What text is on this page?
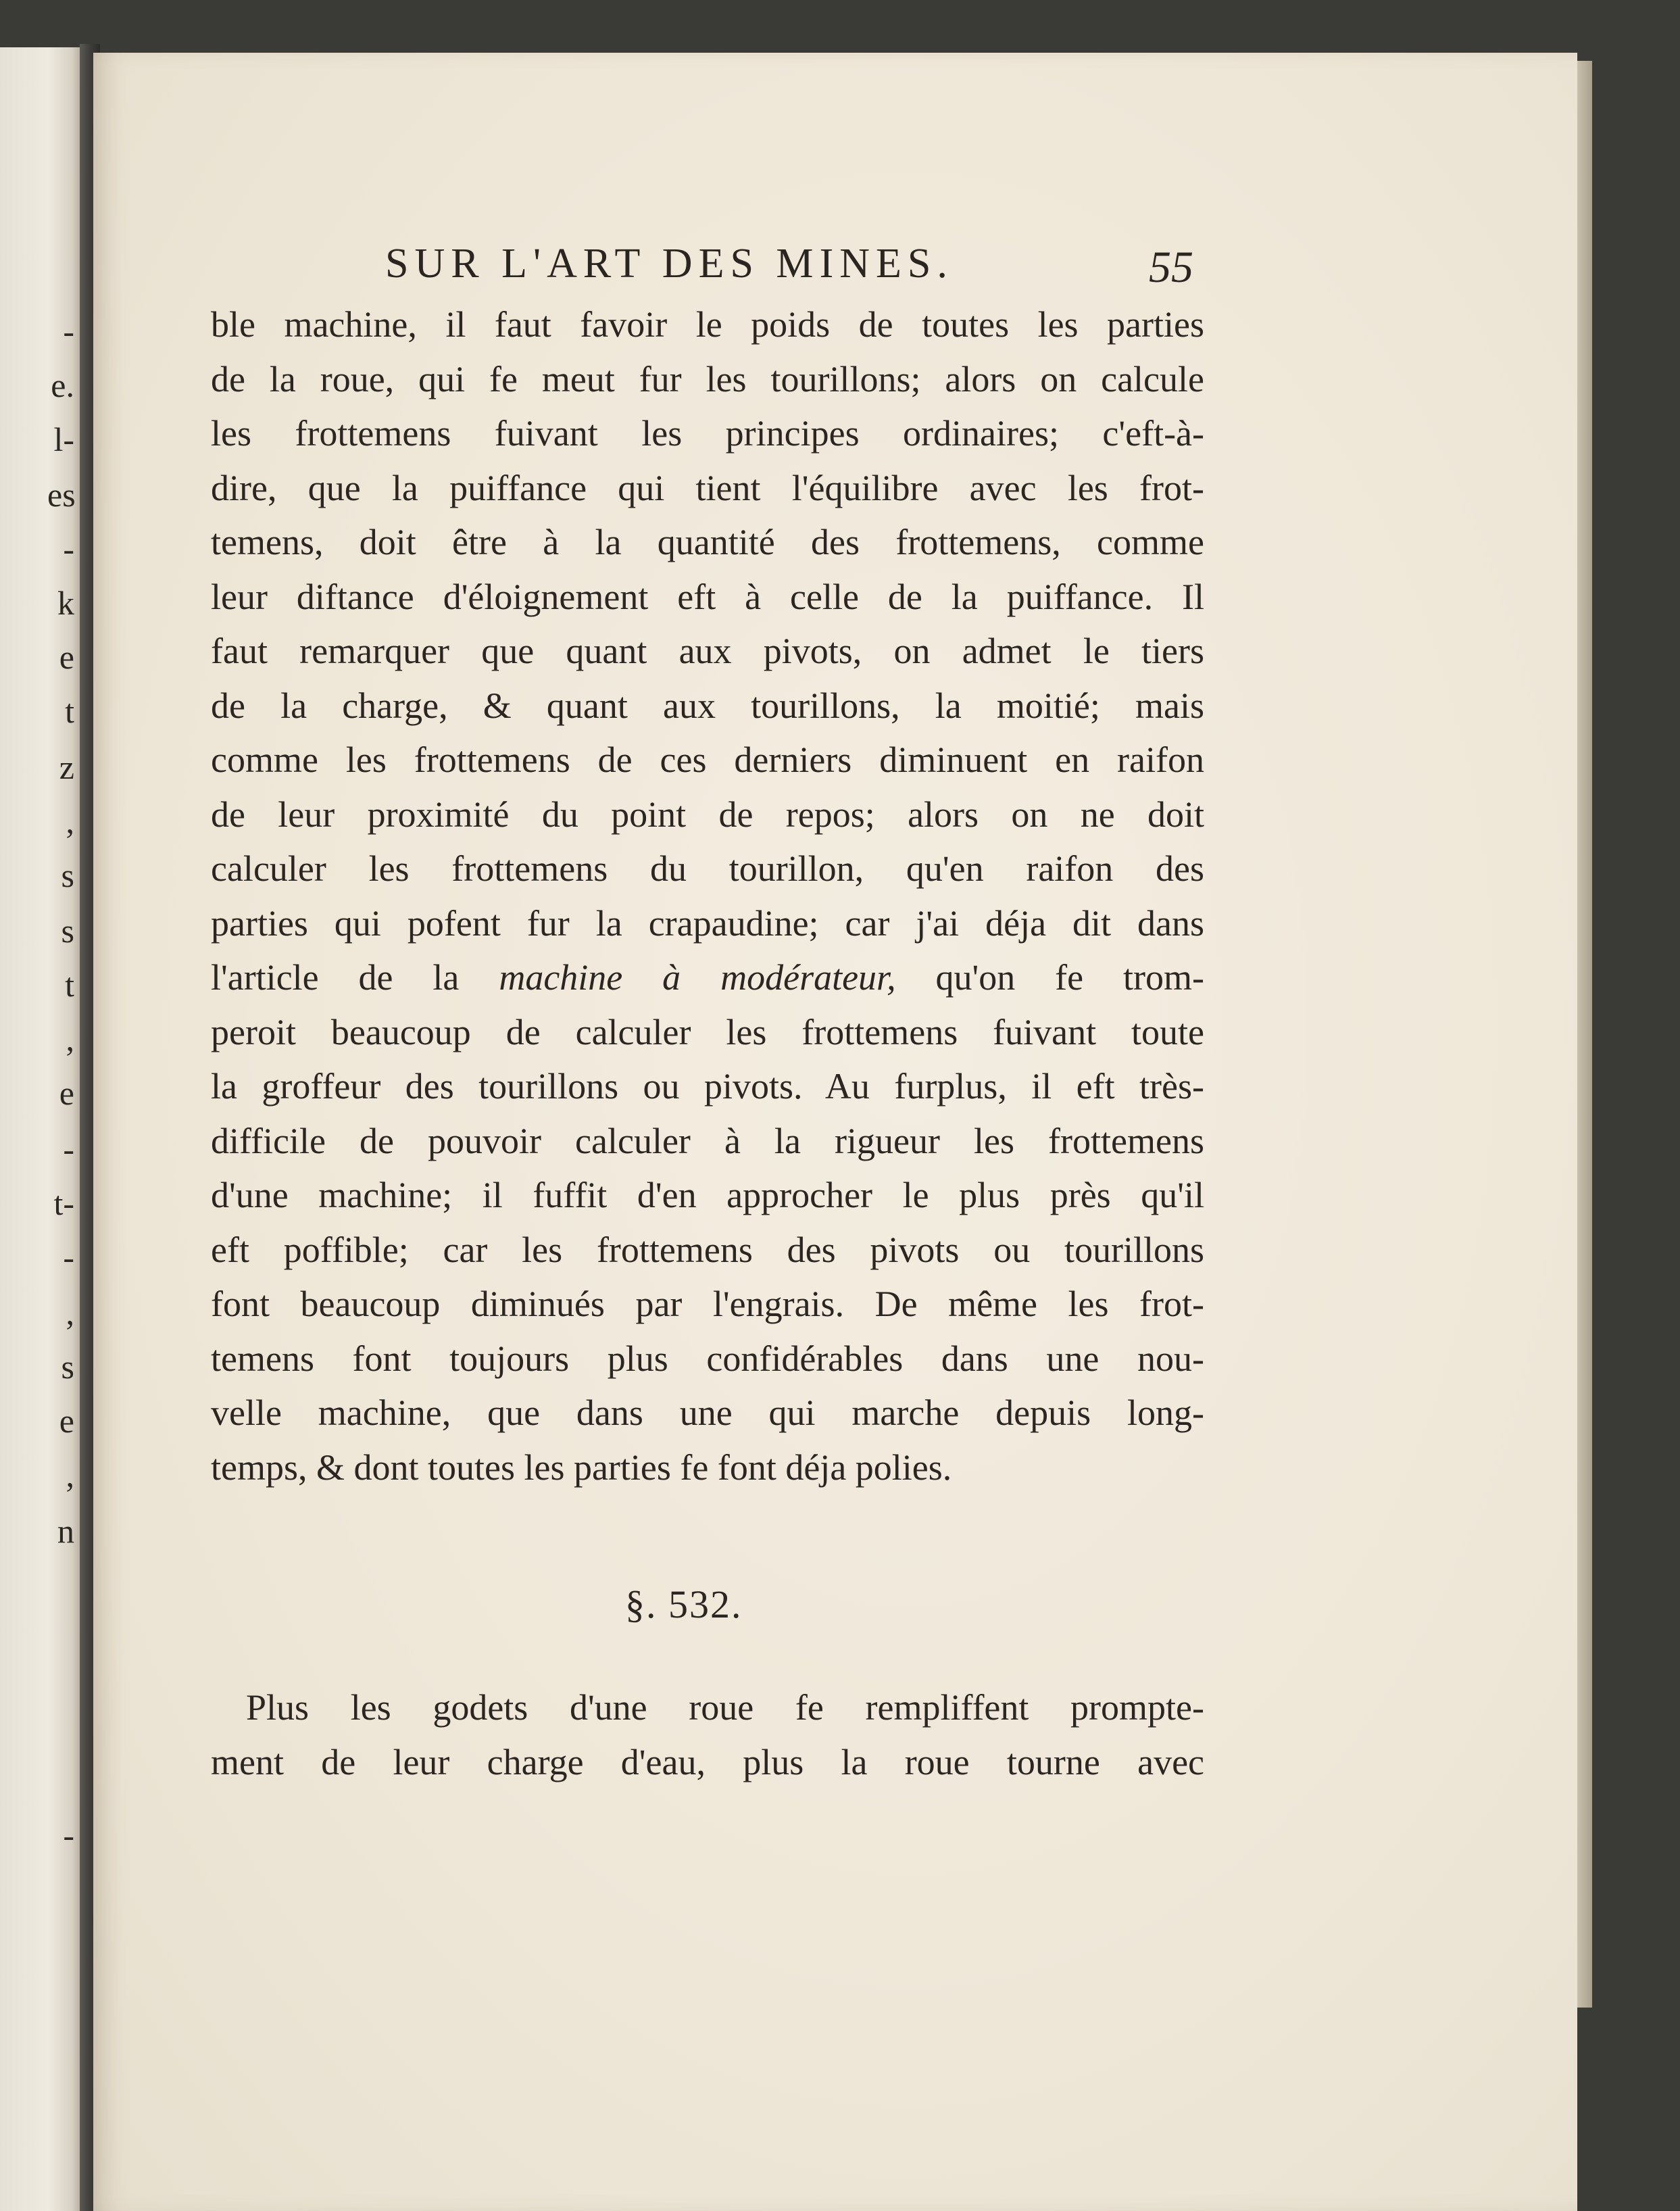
-
e.
l-
es
-
k
e
t
z
,
s
s
t
,
e
-
t-
-
,
s
e
,
n
-
SUR L'ART DES MINES.	55
ble machine, il faut favoir le poids de toutes les parties
de la roue, qui fe meut fur les tourillons; alors on calcule
les frottemens fuivant les principes ordinaires; c'eft-à-
dire, que la puiffance qui tient l'équilibre avec les frot-
temens, doit être à la quantité des frottemens, comme
leur diftance d'éloignement eft à celle de la puiffance. Il
faut remarquer que quant aux pivots, on admet le tiers
de la charge, & quant aux tourillons, la moitié; mais
comme les frottemens de ces derniers diminuent en raifon
de leur proximité du point de repos; alors on ne doit
calculer les frottemens du tourillon, qu'en raifon des
parties qui pofent fur la crapaudine; car j'ai déja dit dans
l'article de la machine à modérateur, qu'on fe trom-
peroit beaucoup de calculer les frottemens fuivant toute
la groffeur des tourillons ou pivots. Au furplus, il eft très-
difficile de pouvoir calculer à la rigueur les frottemens
d'une machine; il fuffit d'en approcher le plus près qu'il
eft poffible; car les frottemens des pivots ou tourillons
font beaucoup diminués par l'engrais. De même les frot-
temens font toujours plus confidérables dans une nou-
velle machine, que dans une qui marche depuis long-
temps, & dont toutes les parties fe font déja polies.
§. 532.
Plus les godets d'une roue fe rempliffent prompte-
ment de leur charge d'eau, plus la roue tourne avec
